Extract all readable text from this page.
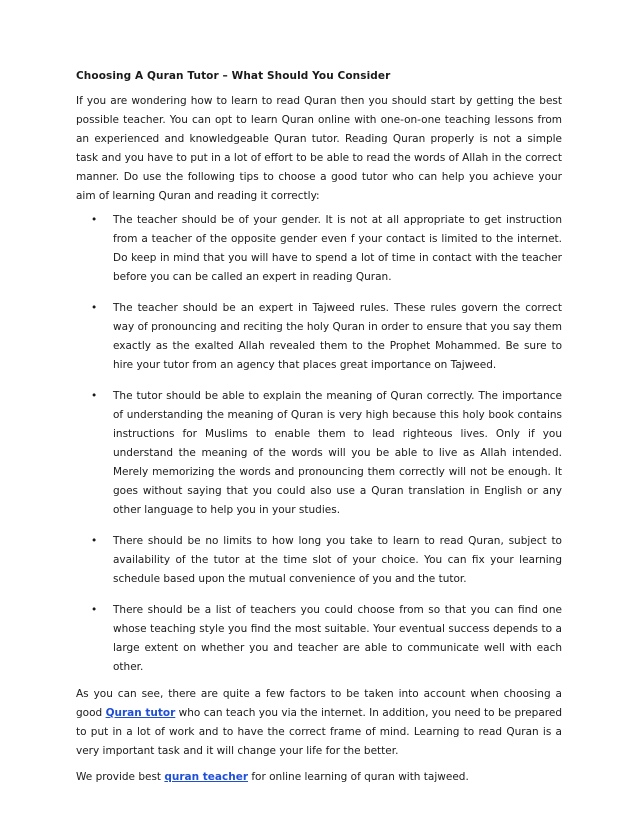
Choosing A Quran Tutor – What Should You Consider

If you are wondering how to learn to read Quran then you should start by getting the best possible teacher. You can opt to learn Quran online with one-on-one teaching lessons from an experienced and knowledgeable Quran tutor. Reading Quran properly is not a simple task and you have to put in a lot of effort to be able to read the words of Allah in the correct manner. Do use the following tips to choose a good tutor who can help you achieve your aim of learning Quran and reading it correctly:

• The teacher should be of your gender. It is not at all appropriate to get instruction from a teacher of the opposite gender even f your contact is limited to the internet. Do keep in mind that you will have to spend a lot of time in contact with the teacher before you can be called an expert in reading Quran.
• The teacher should be an expert in Tajweed rules. These rules govern the correct way of pronouncing and reciting the holy Quran in order to ensure that you say them exactly as the exalted Allah revealed them to the Prophet Mohammed. Be sure to hire your tutor from an agency that places great importance on Tajweed.
• The tutor should be able to explain the meaning of Quran correctly. The importance of understanding the meaning of Quran is very high because this holy book contains instructions for Muslims to enable them to lead righteous lives. Only if you understand the meaning of the words will you be able to live as Allah intended. Merely memorizing the words and pronouncing them correctly will not be enough. It goes without saying that you could also use a Quran translation in English or any other language to help you in your studies.
• There should be no limits to how long you take to learn to read Quran, subject to availability of the tutor at the time slot of your choice. You can fix your learning schedule based upon the mutual convenience of you and the tutor.
• There should be a list of teachers you could choose from so that you can find one whose teaching style you find the most suitable. Your eventual success depends to a large extent on whether you and teacher are able to communicate well with each other.

As you can see, there are quite a few factors to be taken into account when choosing a good Quran tutor who can teach you via the internet. In addition, you need to be prepared to put in a lot of work and to have the correct frame of mind. Learning to read Quran is a very important task and it will change your life for the better.

We provide best quran teacher for online learning of quran with tajweed.
